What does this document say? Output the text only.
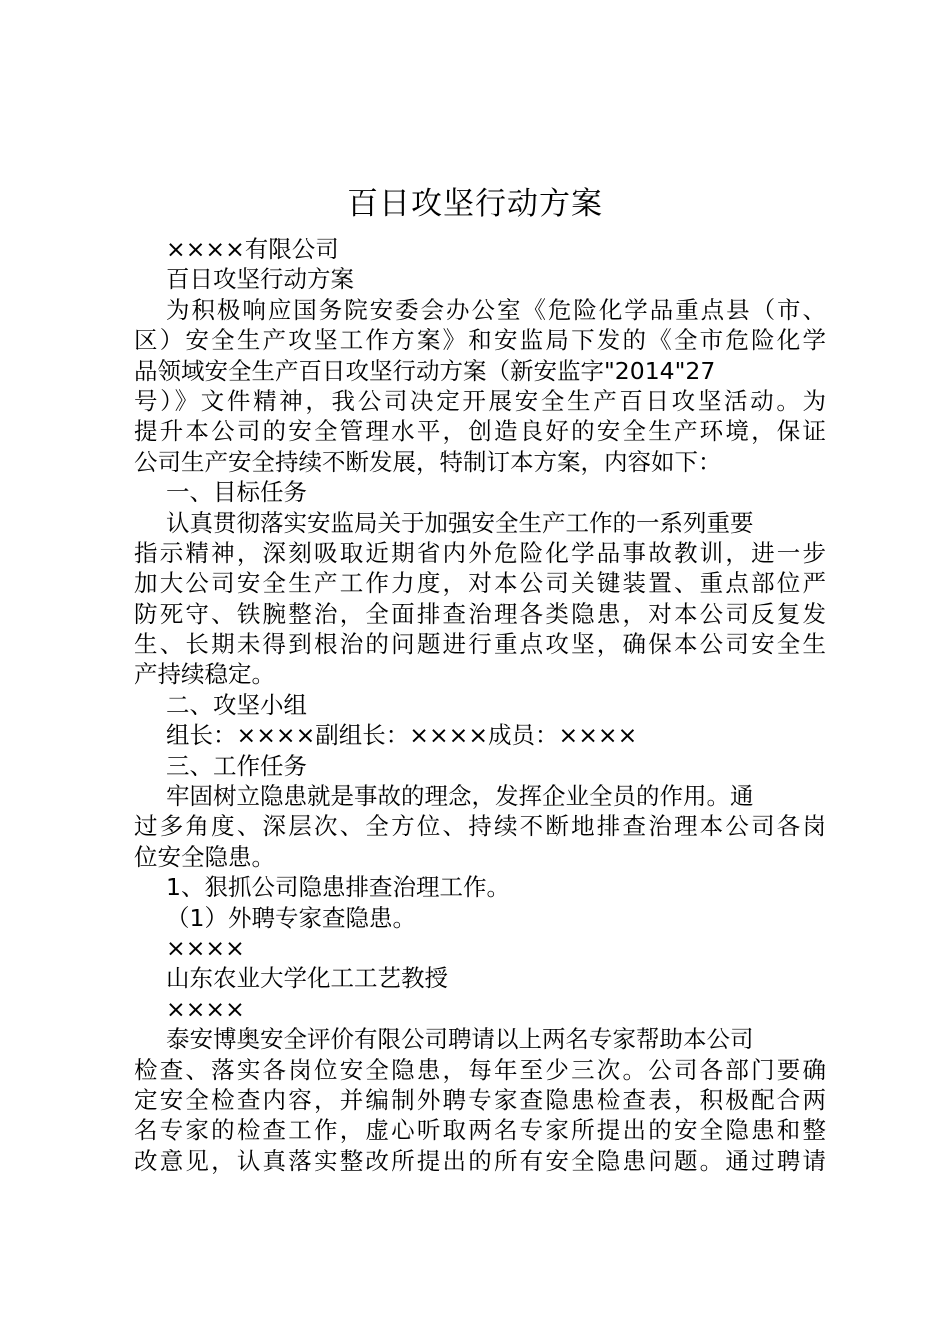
百日攻坚行动方案
××××有限公司
百日攻坚行动方案
为积极响应国务院安委会办公室《危险化学品重点县（市、
区）安全生产攻坚工作方案》和安监局下发的《全市危险化学
品领域安全生产百日攻坚行动方案（新安监字"2014"27
号）》文件精神，我公司决定开展安全生产百日攻坚活动。为
提升本公司的安全管理水平，创造良好的安全生产环境，保证
公司生产安全持续不断发展，特制订本方案，内容如下：
一、目标任务
认真贯彻落实安监局关于加强安全生产工作的一系列重要
指示精神，深刻吸取近期省内外危险化学品事故教训，进一步
加大公司安全生产工作力度，对本公司关键装置、重点部位严
防死守、铁腕整治，全面排查治理各类隐患，对本公司反复发
生、长期未得到根治的问题进行重点攻坚，确保本公司安全生
产持续稳定。
二、攻坚小组
组长：××××副组长：××××成员：××××
三、工作任务
牢固树立隐患就是事故的理念，发挥企业全员的作用。通
过多角度、深层次、全方位、持续不断地排查治理本公司各岗
位安全隐患。
1、狠抓公司隐患排查治理工作。
（1）外聘专家查隐患。
××××
山东农业大学化工工艺教授
××××
泰安博奥安全评价有限公司聘请以上两名专家帮助本公司
检查、落实各岗位安全隐患，每年至少三次。公司各部门要确
定安全检查内容，并编制外聘专家查隐患检查表，积极配合两
名专家的检查工作，虚心听取两名专家所提出的安全隐患和整
改意见，认真落实整改所提出的所有安全隐患问题。通过聘请
